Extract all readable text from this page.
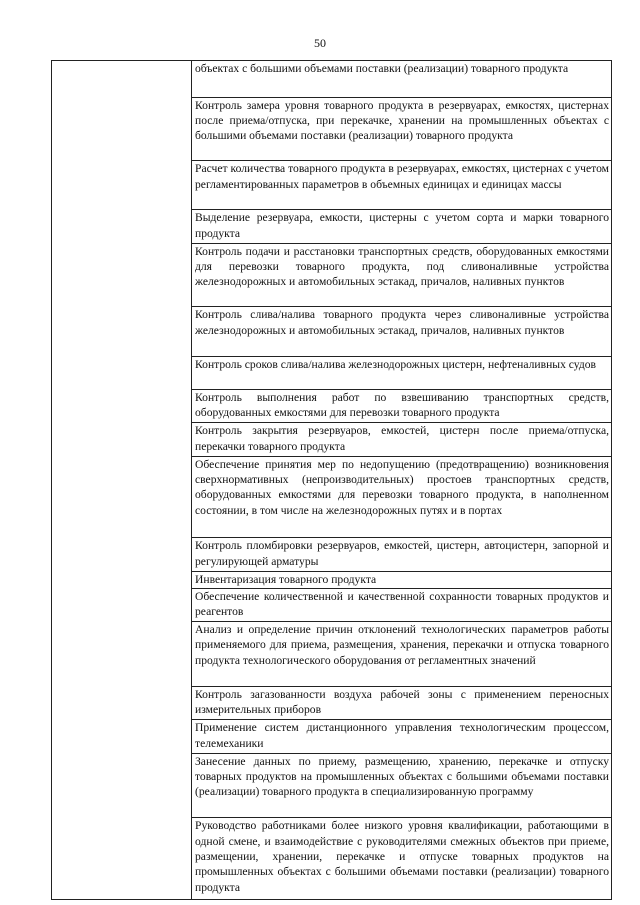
50

объектах с большими объемами поставки (реализации) товарного продукта

Контроль замера уровня товарного продукта в резервуарах, емкостях, цистернах после приема/отпуска, при перекачке, хранении на промышленных объектах с большими объемами поставки (реализации) товарного продукта

Расчет количества товарного продукта в резервуарах, емкостях, цистернах с учетом регламентированных параметров в объемных единицах и единицах массы

Выделение резервуара, емкости, цистерны с учетом сорта и марки товарного продукта

Контроль подачи и расстановки транспортных средств, оборудованных емкостями для перевозки товарного продукта, под сливоналивные устройства железнодорожных и автомобильных эстакад, причалов, наливных пунктов

Контроль слива/налива товарного продукта через сливоналивные устройства железнодорожных и автомобильных эстакад, причалов, наливных пунктов

Контроль сроков слива/налива железнодорожных цистерн, нефтеналивных судов

Контроль выполнения работ по взвешиванию транспортных средств, оборудованных емкостями для перевозки товарного продукта

Контроль закрытия резервуаров, емкостей, цистерн после приема/отпуска, перекачки товарного продукта

Обеспечение принятия мер по недопущению (предотвращению) возникновения сверхнормативных (непроизводительных) простоев транспортных средств, оборудованных емкостями для перевозки товарного продукта, в наполненном состоянии, в том числе на железнодорожных путях и в портах

Контроль пломбировки резервуаров, емкостей, цистерн, автоцистерн, запорной и регулирующей арматуры

Инвентаризация товарного продукта

Обеспечение количественной и качественной сохранности товарных продуктов и реагентов

Анализ и определение причин отклонений технологических параметров работы применяемого для приема, размещения, хранения, перекачки и отпуска товарного продукта технологического оборудования от регламентных значений

Контроль загазованности воздуха рабочей зоны с применением переносных измерительных приборов

Применение систем дистанционного управления технологическим процессом, телемеханики

Занесение данных по приему, размещению, хранению, перекачке и отпуску товарных продуктов на промышленных объектах с большими объемами поставки (реализации) товарного продукта в специализированную программу

Руководство работниками более низкого уровня квалификации, работающими в одной смене, и взаимодействие с руководителями смежных объектов при приеме, размещении, хранении, перекачке и отпуске товарных продуктов на промышленных объектах с большими объемами поставки (реализации) товарного продукта
